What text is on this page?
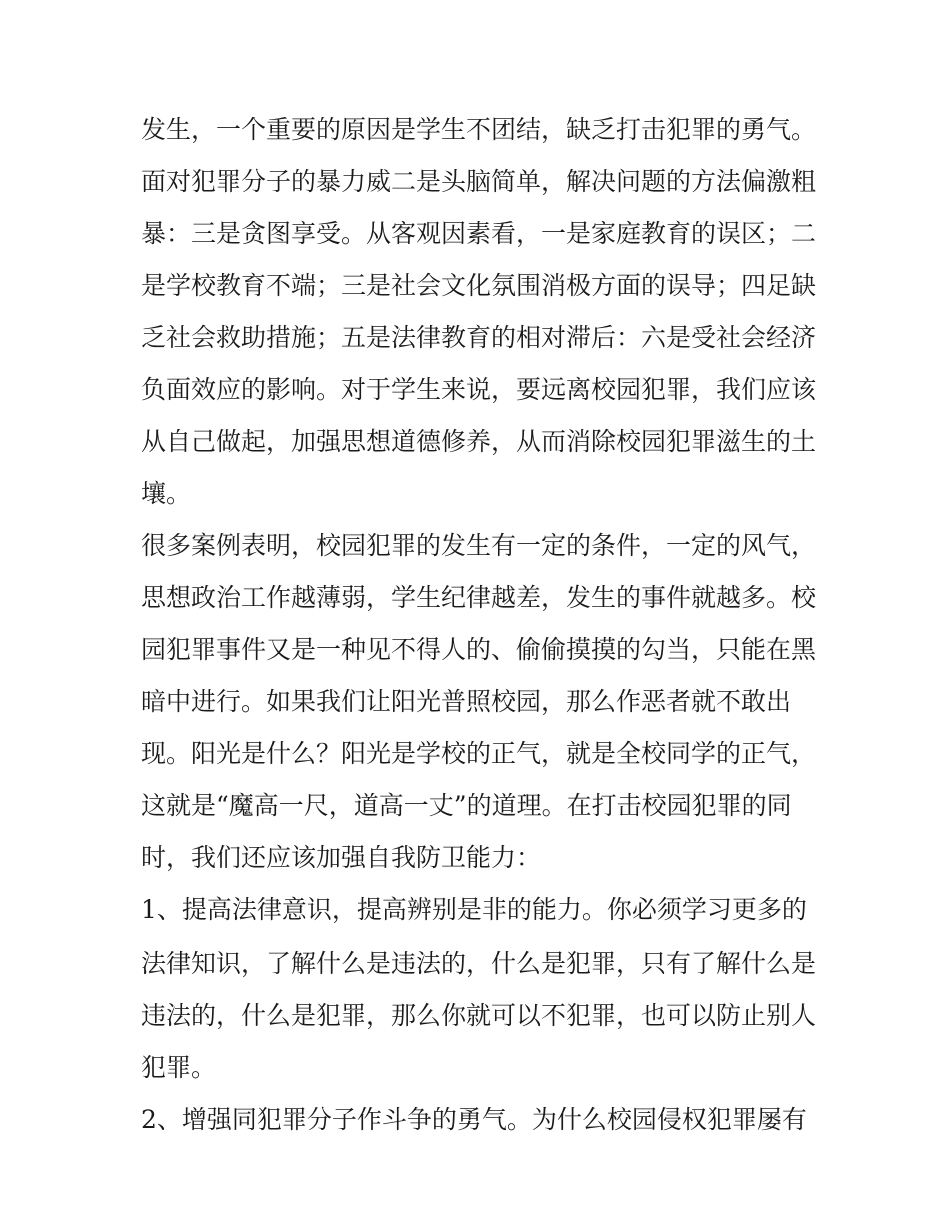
发生，一个重要的原因是学生不团结，缺乏打击犯罪的勇气。
面对犯罪分子的暴力威二是头脑简单，解决问题的方法偏激粗
暴：三是贪图享受。从客观因素看，一是家庭教育的误区；二
是学校教育不端；三是社会文化氛围消极方面的误导；四足缺
乏社会救助措施；五是法律教育的相对滞后：六是受社会经济
负面效应的影响。对于学生来说，要远离校园犯罪，我们应该
从自己做起，加强思想道德修养，从而消除校园犯罪滋生的土
壤。
很多案例表明，校园犯罪的发生有一定的条件，一定的风气，
思想政治工作越薄弱，学生纪律越差，发生的事件就越多。校
园犯罪事件又是一种见不得人的、偷偷摸摸的勾当，只能在黑
暗中进行。如果我们让阳光普照校园，那么作恶者就不敢出
现。阳光是什么？阳光是学校的正气，就是全校同学的正气，
这就是“魔高一尺，道高一丈”的道理。在打击校园犯罪的同
时，我们还应该加强自我防卫能力：
1、提高法律意识，提高辨别是非的能力。你必须学习更多的
法律知识，了解什么是违法的，什么是犯罪，只有了解什么是
违法的，什么是犯罪，那么你就可以不犯罪，也可以防止别人
犯罪。
2、增强同犯罪分子作斗争的勇气。为什么校园侵权犯罪屡有
